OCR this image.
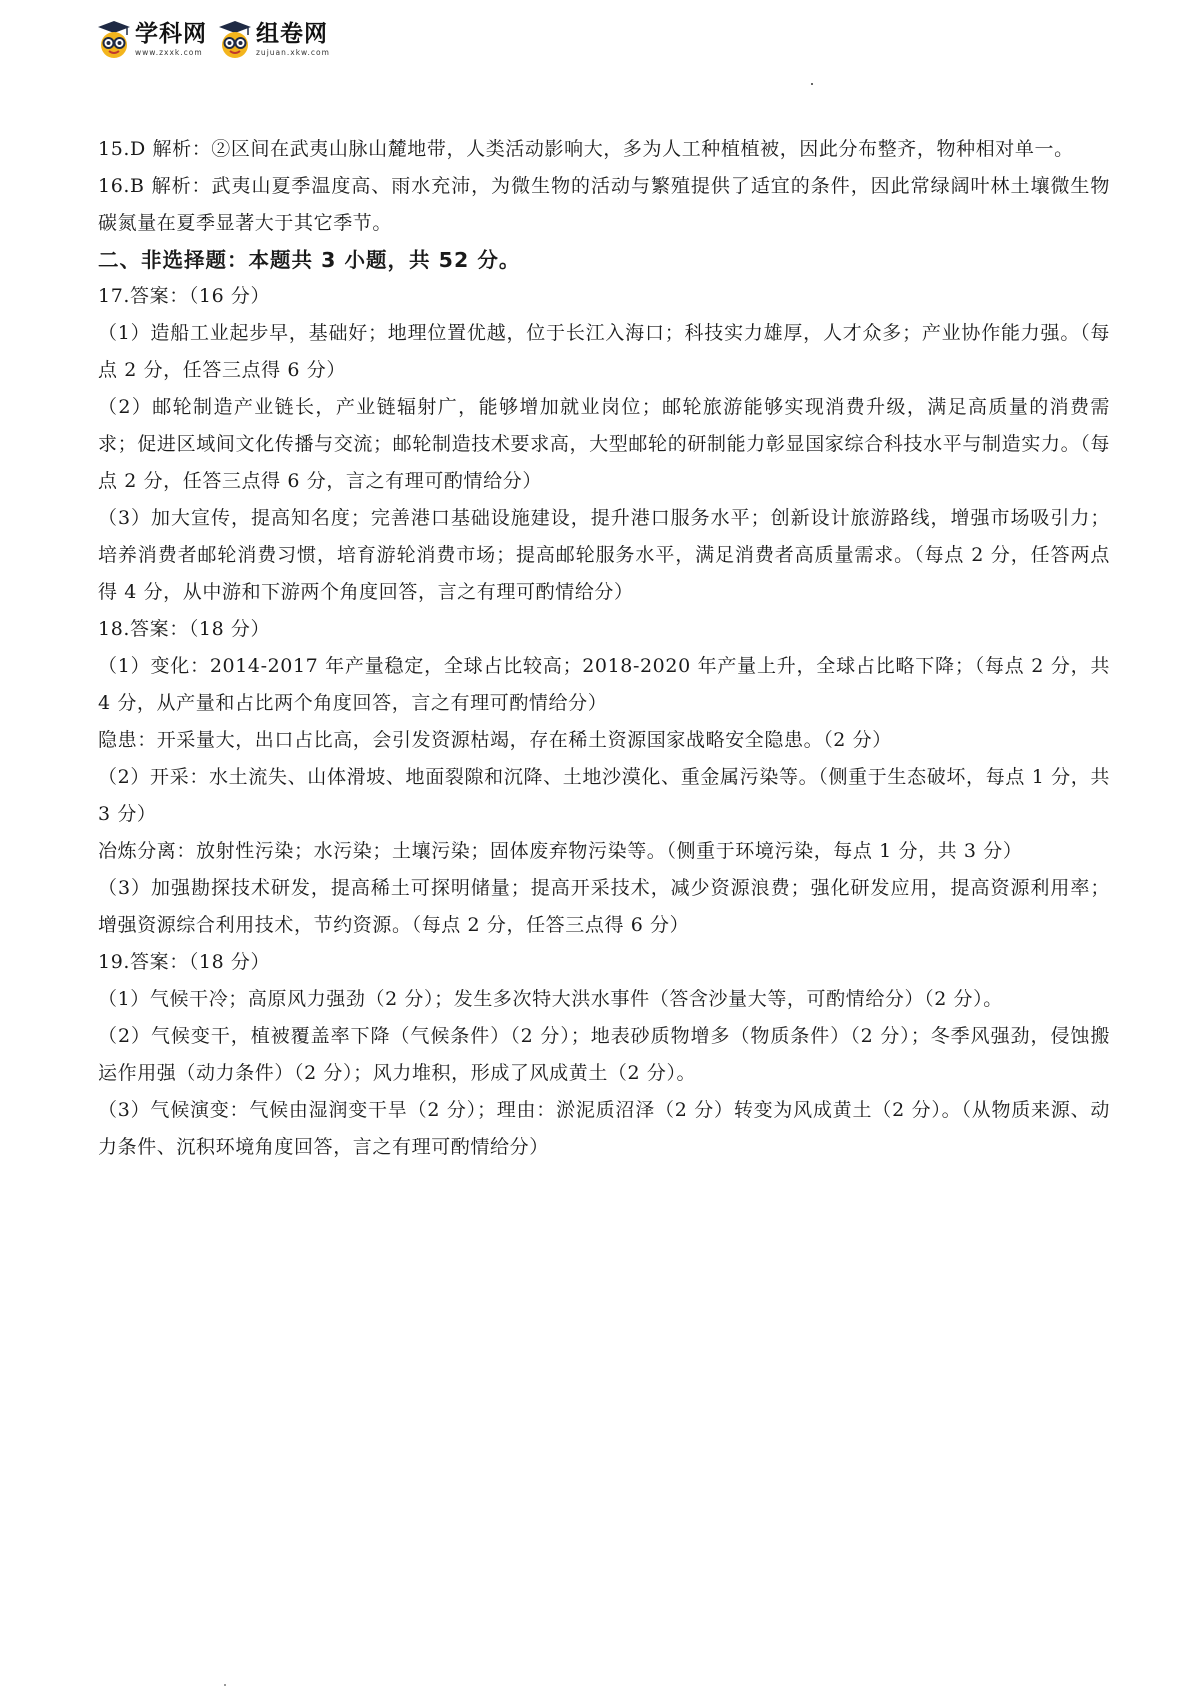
学科网
www.zxxk.com
组卷网
zujuan.xkw.com

15.D 解析：②区间在武夷山脉山麓地带，人类活动影响大，多为人工种植植被，因此分布整齐，物种相对单一。

16.B 解析：武夷山夏季温度高、雨水充沛，为微生物的活动与繁殖提供了适宜的条件，因此常绿阔叶林土壤微生物碳氮量在夏季显著大于其它季节。

二、非选择题：本题共 3 小题，共 52 分。

17.答案：（16 分）

（1）造船工业起步早，基础好；地理位置优越，位于长江入海口；科技实力雄厚，人才众多；产业协作能力强。（每点 2 分，任答三点得 6 分）

（2）邮轮制造产业链长，产业链辐射广，能够增加就业岗位；邮轮旅游能够实现消费升级，满足高质量的消费需求；促进区域间文化传播与交流；邮轮制造技术要求高，大型邮轮的研制能力彰显国家综合科技水平与制造实力。（每点 2 分，任答三点得 6 分，言之有理可酌情给分）

（3）加大宣传，提高知名度；完善港口基础设施建设，提升港口服务水平；创新设计旅游路线，增强市场吸引力；培养消费者邮轮消费习惯，培育游轮消费市场；提高邮轮服务水平，满足消费者高质量需求。（每点 2 分，任答两点得 4 分，从中游和下游两个角度回答，言之有理可酌情给分）

18.答案：（18 分）

（1）变化：2014-2017 年产量稳定，全球占比较高；2018-2020 年产量上升，全球占比略下降；（每点 2 分，共 4 分，从产量和占比两个角度回答，言之有理可酌情给分）

隐患：开采量大，出口占比高，会引发资源枯竭，存在稀土资源国家战略安全隐患。（2 分）

（2）开采：水土流失、山体滑坡、地面裂隙和沉降、土地沙漠化、重金属污染等。（侧重于生态破坏，每点 1 分，共 3 分）

冶炼分离：放射性污染；水污染；土壤污染；固体废弃物污染等。（侧重于环境污染，每点 1 分，共 3 分）

（3）加强勘探技术研发，提高稀土可探明储量；提高开采技术，减少资源浪费；强化研发应用，提高资源利用率；增强资源综合利用技术，节约资源。（每点 2 分，任答三点得 6 分）

19.答案：（18 分）

（1）气候干冷；高原风力强劲（2 分）；发生多次特大洪水事件（答含沙量大等，可酌情给分）（2 分）。

（2）气候变干，植被覆盖率下降（气候条件）（2 分）；地表砂质物增多（物质条件）（2 分）；冬季风强劲，侵蚀搬运作用强（动力条件）（2 分）；风力堆积，形成了风成黄土（2 分）。

（3）气候演变：气候由湿润变干旱（2 分）；理由：淤泥质沼泽（2 分）转变为风成黄土（2 分）。（从物质来源、动力条件、沉积环境角度回答，言之有理可酌情给分）
